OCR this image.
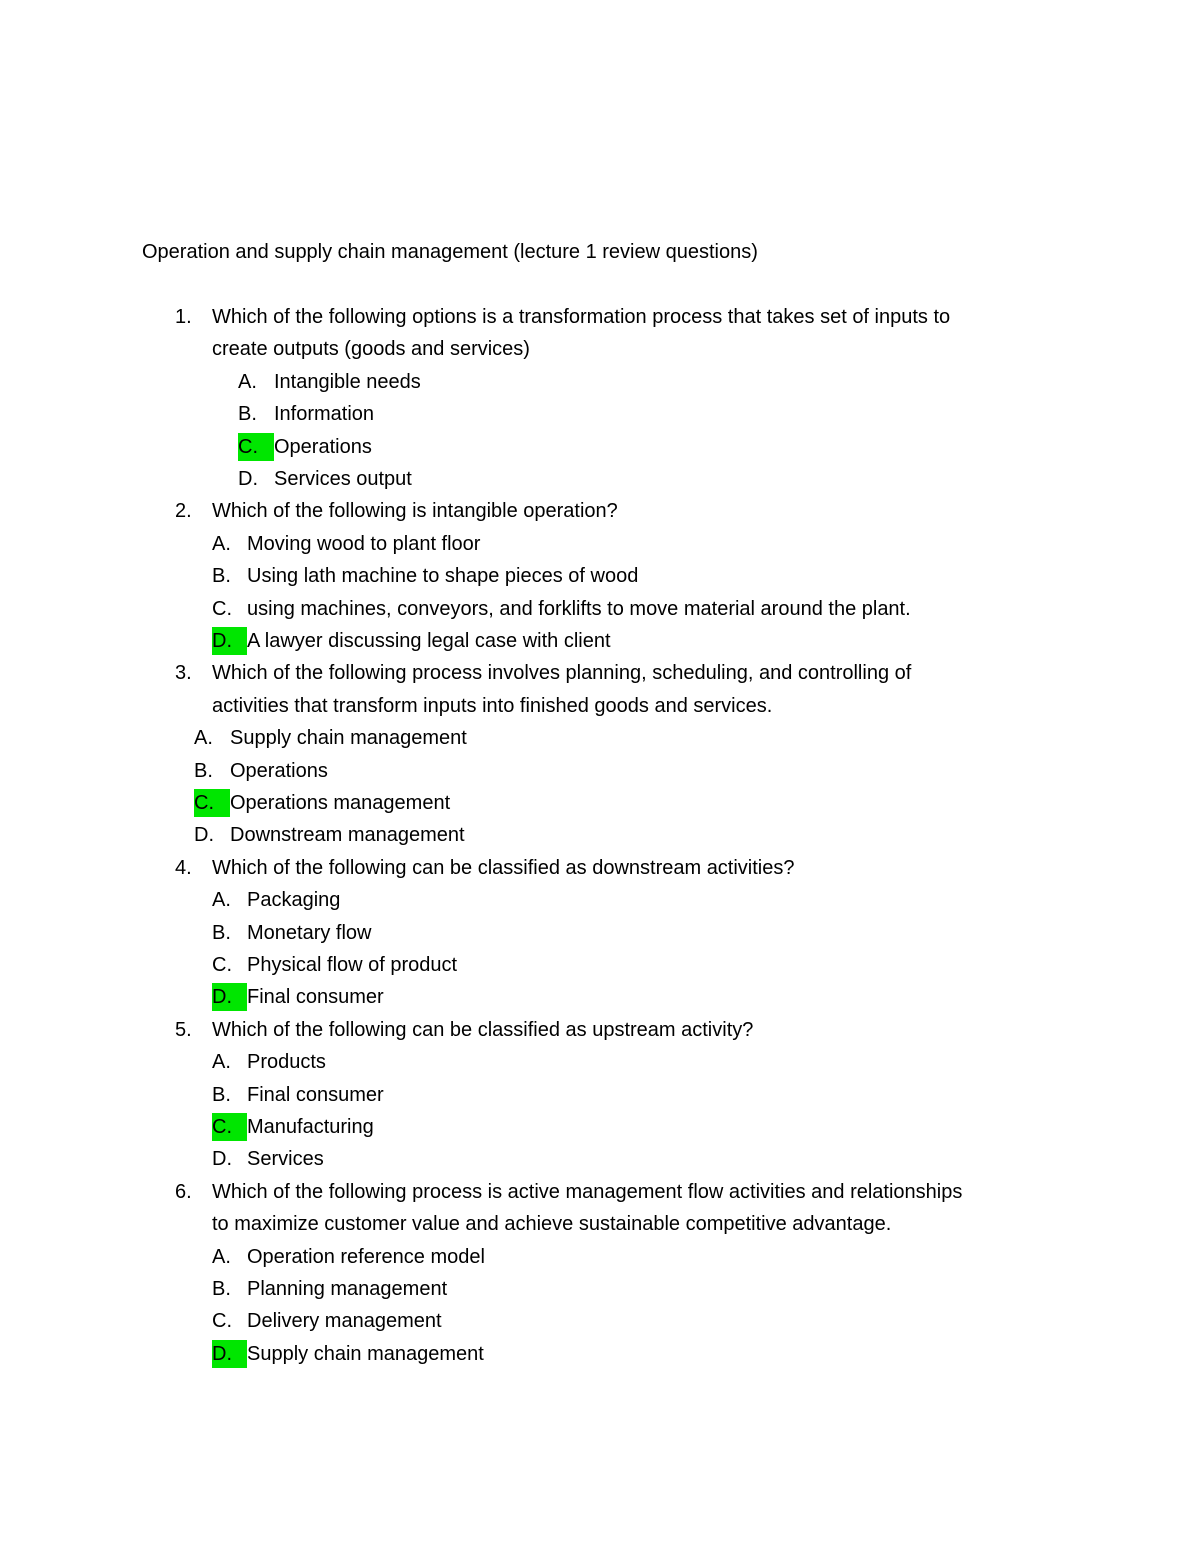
Operation and supply chain management (lecture 1 review questions)
1. Which of the following options is a transformation process that takes set of inputs to
create outputs (goods and services)
A. Intangible needs
B. Information
C. Operations
D. Services output
2. Which of the following is intangible operation?
A. Moving wood to plant floor
B. Using lath machine to shape pieces of wood
C. using machines, conveyors, and forklifts to move material around the plant.
D. A lawyer discussing legal case with client
3. Which of the following process involves planning, scheduling, and controlling of
activities that transform inputs into finished goods and services.
A. Supply chain management
B. Operations
C. Operations management
D. Downstream management
4. Which of the following can be classified as downstream activities?
A. Packaging
B. Monetary flow
C. Physical flow of product
D. Final consumer
5. Which of the following can be classified as upstream activity?
A. Products
B. Final consumer
C. Manufacturing
D. Services
6. Which of the following process is active management flow activities and relationships
to maximize customer value and achieve sustainable competitive advantage.
A. Operation reference model
B. Planning management
C. Delivery management
D. Supply chain management
